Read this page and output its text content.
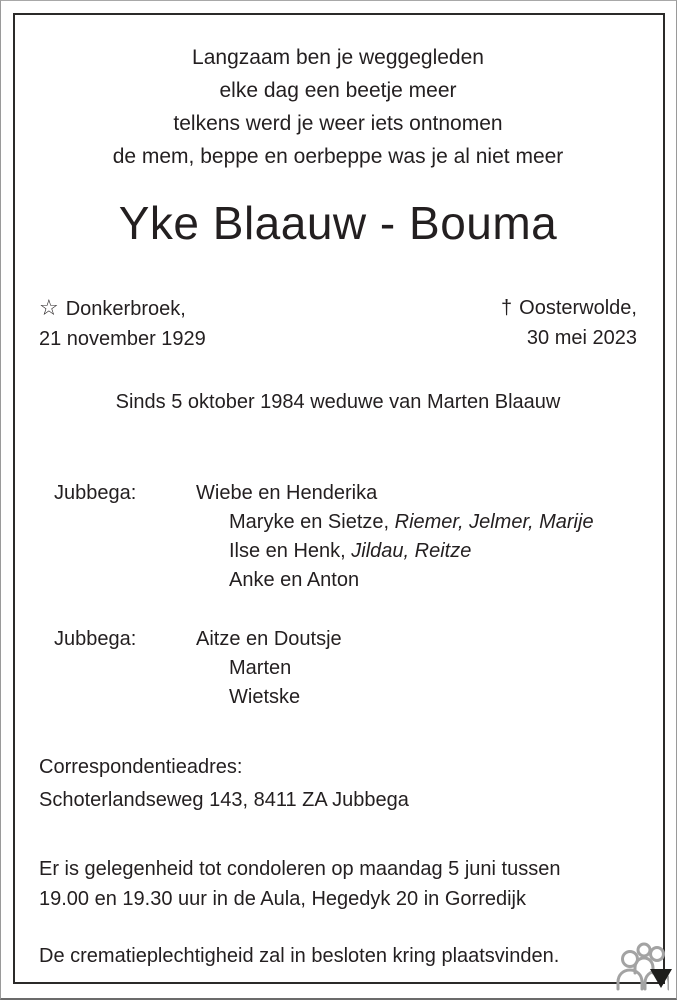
Langzaam ben je weggegleden
elke dag een beetje meer
telkens werd je weer iets ontnomen
de mem, beppe en oerbeppe was je al niet meer
Yke Blaauw - Bouma
☆ Donkerbroek,
21 november 1929
† Oosterwolde,
30 mei 2023
Sinds 5 oktober 1984 weduwe van Marten Blaauw
Jubbega:	Wiebe en Henderika
Maryke en Sietze, Riemer, Jelmer, Marije
Ilse en Henk, Jildau, Reitze
Anke en Anton
Jubbega:	Aitze en Doutsje
Marten
Wietske
Correspondentieadres:
Schoterlandseweg 143, 8411 ZA Jubbega
Er is gelegenheid tot condoleren op maandag 5 juni tussen
19.00 en 19.30 uur in de Aula, Hegedyk 20 in Gorredijk
De crematieplechtigheid zal in besloten kring plaatsvinden.
